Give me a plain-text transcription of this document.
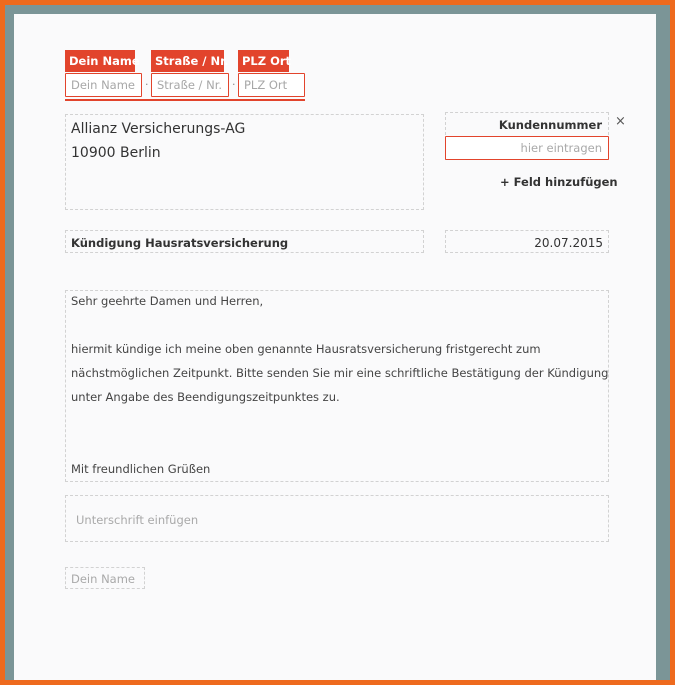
Dein Name	Straße / Nr.	PLZ Ort
Dein Name · Straße / Nr. · PLZ Ort
Allianz Versicherungs-AG
10900 Berlin
Kundennummer
hier eintragen
×
+ Feld hinzufügen
Kündigung Hausratsversicherung	20.07.2015
Sehr geehrte Damen und Herren,
hiermit kündige ich meine oben genannte Hausratsversicherung fristgerecht zum
nächstmöglichen Zeitpunkt. Bitte senden Sie mir eine schriftliche Bestätigung der Kündigung
unter Angabe des Beendigungszeitpunktes zu.
Mit freundlichen Grüßen
Unterschrift einfügen
Dein Name
